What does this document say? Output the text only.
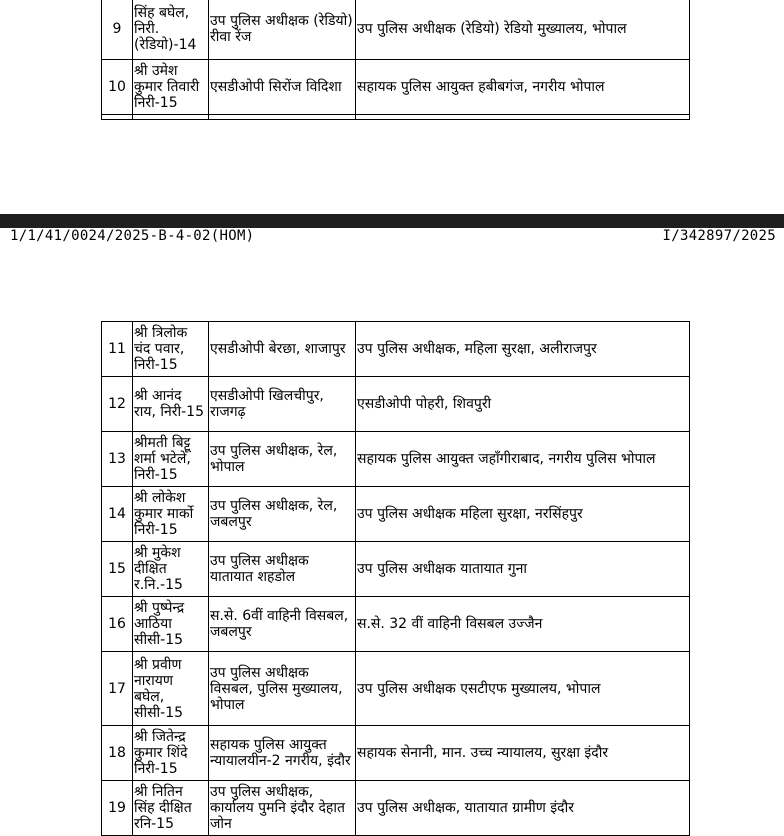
9	सिंह बघेल, निरी. (रेडियो)-14	उप पुलिस अधीक्षक (रेडियो) रीवा रेंज	उप पुलिस अधीक्षक (रेडियो) रेडियो मुख्यालय, भोपाल
10	श्री उमेश कुमार तिवारी निरी-15	एसडीओपी सिरोंज विदिशा	सहायक पुलिस आयुक्त हबीबगंज, नगरीय भोपाल

1/1/41/0024/2025-B-4-02(HOM)	I/342897/2025
11	श्री त्रिलोक चंद पवार, निरी-15	एसडीओपी बेरछा, शाजापुर	उप पुलिस अधीक्षक, महिला सुरक्षा, अलीराजपुर
12	श्री आनंद राय, निरी-15	एसडीओपी खिलचीपुर, राजगढ़	एसडीओपी पोहरी, शिवपुरी
13	श्रीमती बिट्टू शर्मा भटेले, निरी-15	उप पुलिस अधीक्षक, रेल, भोपाल	सहायक पुलिस आयुक्त जहाँगीराबाद, नगरीय पुलिस भोपाल
14	श्री लोकेश कुमार मार्को निरी-15	उप पुलिस अधीक्षक, रेल, जबलपुर	उप पुलिस अधीक्षक महिला सुरक्षा, नरसिंहपुर
15	श्री मुकेश दीक्षित र.नि.-15	उप पुलिस अधीक्षक यातायात शहडोल	उप पुलिस अधीक्षक यातायात गुना
16	श्री पुष्पेन्द्र आठिया सीसी-15	स.से. 6वीं वाहिनी विसबल, जबलपुर	स.से. 32 वीं वाहिनी विसबल उज्जैन
17	श्री प्रवीण नारायण बघेल, सीसी-15	उप पुलिस अधीक्षक विसबल, पुलिस मुख्यालय, भोपाल	उप पुलिस अधीक्षक एसटीएफ मुख्यालय, भोपाल
18	श्री जितेन्द्र कुमार शिंदे निरी-15	सहायक पुलिस आयुक्त न्यायालयीन-2 नगरीय, इंदौर	सहायक सेनानी, मान. उच्च न्यायालय, सुरक्षा इंदौर
19	श्री नितिन सिंह दीक्षित रनि-15	उप पुलिस अधीक्षक, कार्यालय पुमनि इंदौर देहात जोन	उप पुलिस अधीक्षक, यातायात ग्रामीण इंदौर
